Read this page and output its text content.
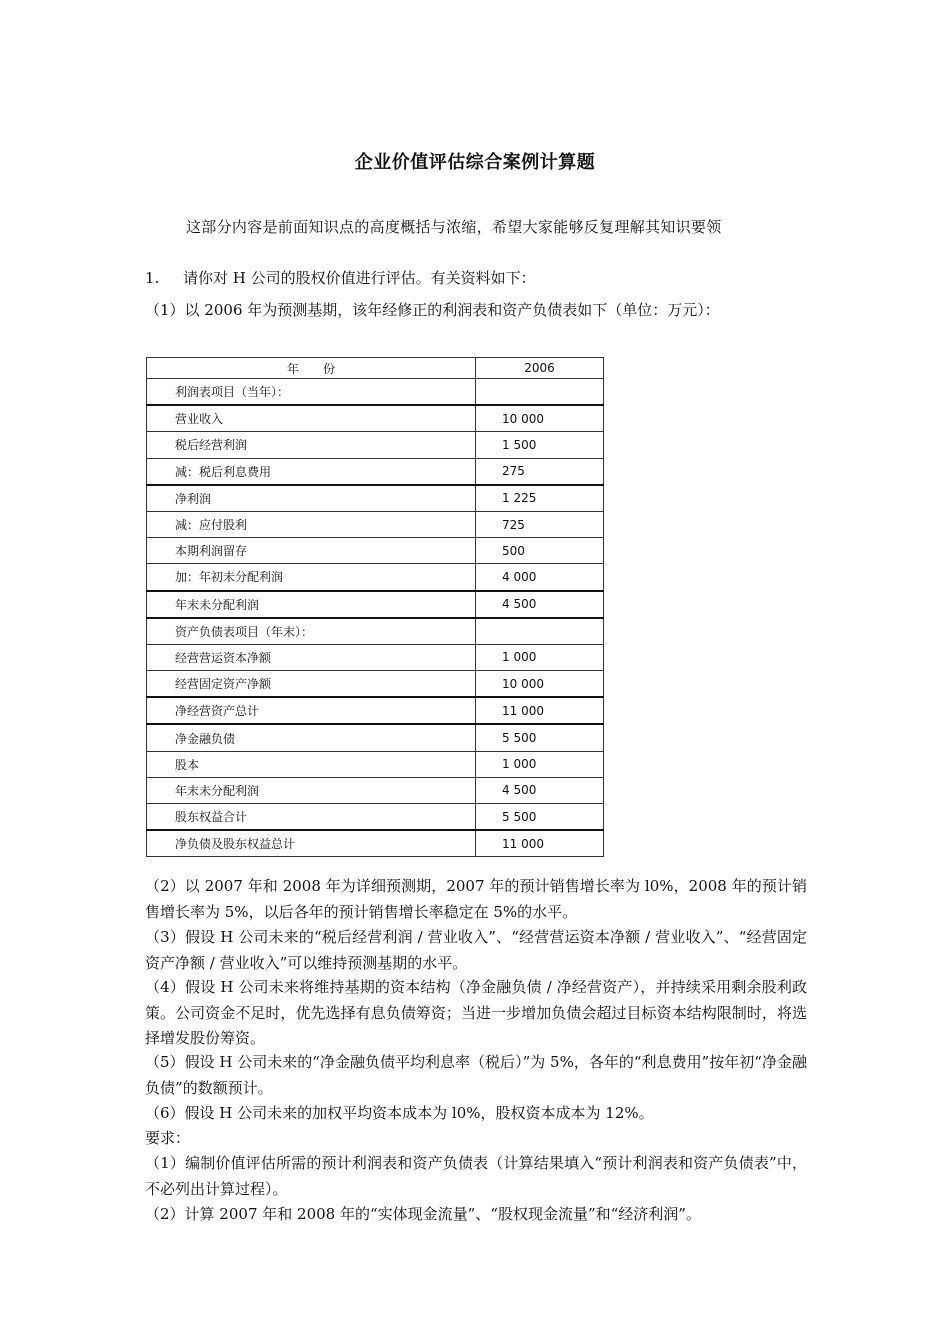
企业价值评估综合案例计算题
这部分内容是前面知识点的高度概括与浓缩，希望大家能够反复理解其知识要领
1. 请你对 H 公司的股权价值进行评估。有关资料如下：
（1）以 2006 年为预测基期，该年经修正的利润表和资产负债表如下（单位：万元）：
年　　份	2006
利润表项目（当年）：	
营业收入	10 000
税后经营利润	1 500
减：税后利息费用	275
净利润	1 225
减：应付股利	725
本期利润留存	500
加：年初未分配利润	4 000
年末未分配利润	4 500
资产负债表项目（年末）：	
经营营运资本净额	1 000
经营固定资产净额	10 000
净经营资产总计	11 000
净金融负债	5 500
股本	1 000
年末未分配利润	4 500
股东权益合计	5 500
净负债及股东权益总计	11 000
（2）以 2007 年和 2008 年为详细预测期，2007 年的预计销售增长率为 l0%，2008 年的预计销售增长率为 5%，以后各年的预计销售增长率稳定在 5%的水平。
（3）假设 H 公司未来的“税后经营利润 / 营业收入”、“经营营运资本净额 / 营业收入”、“经营固定资产净额 / 营业收入”可以维持预测基期的水平。
（4）假设 H 公司未来将维持基期的资本结构（净金融负债 / 净经营资产），并持续采用剩余股利政策。公司资金不足时，优先选择有息负债筹资；当进一步增加负债会超过目标资本结构限制时，将选择增发股份筹资。
（5）假设 H 公司未来的“净金融负债平均利息率（税后）”为 5%，各年的“利息费用”按年初“净金融负债”的数额预计。
（6）假设 H 公司未来的加权平均资本成本为 l0%，股权资本成本为 12%。
要求：
（1）编制价值评估所需的预计利润表和资产负债表（计算结果填入“预计利润表和资产负债表”中，不必列出计算过程）。
（2）计算 2007 年和 2008 年的“实体现金流量”、“股权现金流量”和“经济利润”。
